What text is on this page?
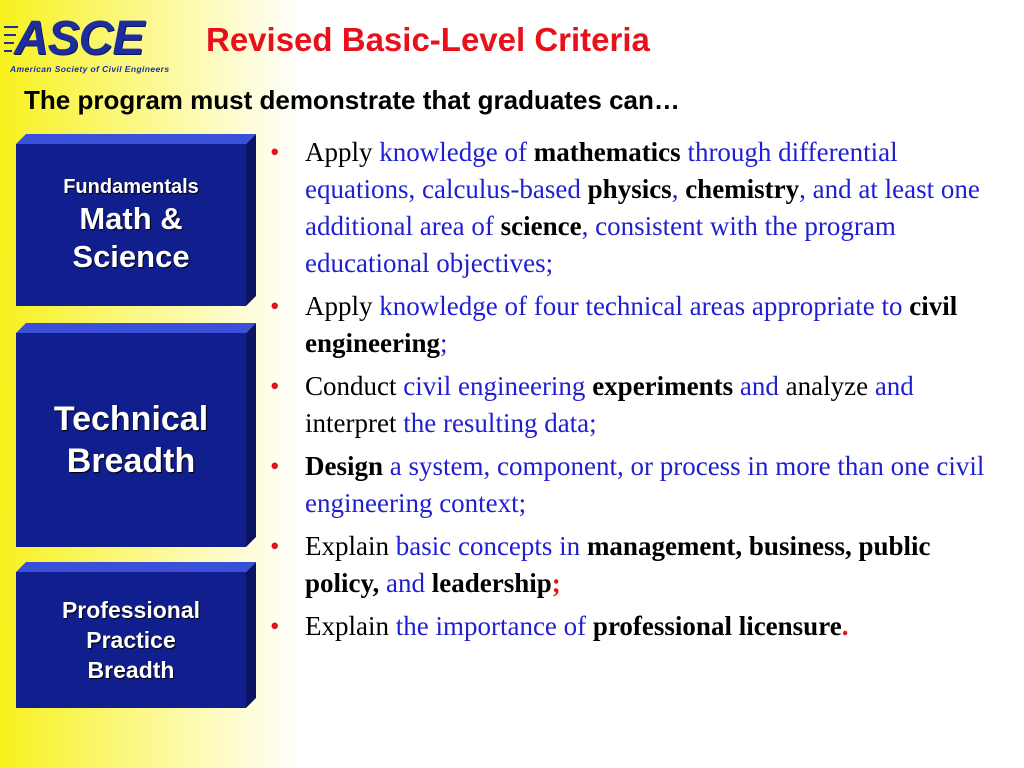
ASCE
American Society of Civil Engineers
Revised Basic-Level Criteria
The program must demonstrate that graduates can…
Fundamentals
Math &
Science
Technical
Breadth
Professional
Practice
Breadth
• Apply knowledge of mathematics through differential equations, calculus-based physics, chemistry, and at least one additional area of science, consistent with the program educational objectives;
• Apply knowledge of four technical areas appropriate to civil engineering;
• Conduct civil engineering experiments and analyze and interpret the resulting data;
• Design a system, component, or process in more than one civil engineering context;
• Explain basic concepts in management, business, public policy, and leadership;
• Explain the importance of professional licensure.
